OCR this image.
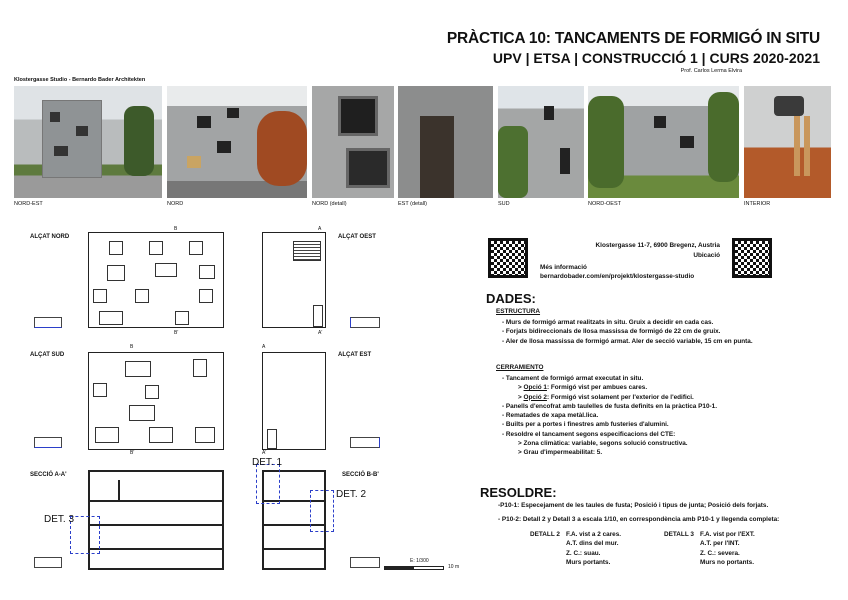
PRÀCTICA 10: TANCAMENTS DE FORMIGÓ IN SITU
UPV | ETSA | CONSTRUCCIÓ 1 | CURS 2020-2021
Prof. Carlos Lerma Elvira
Klostergasse Studio - Bernardo Bader Architekten
NORD-EST	NORD	NORD (detall)	EST (detall)	SUD	NORD-OEST	INTERIOR
ALÇAT NORD
B
B'
ALÇAT OEST
A
A'
ALÇAT SUD
B
B'
ALÇAT EST
A
A'
SECCIÓ A-A'
DET. 3
SECCIÓ B-B'
DET. 1
DET. 2
E: 1/300
10 m
Klostergasse 11-7, 6900 Bregenz, Austria
Ubicació
Més informació
bernardobader.com/en/projekt/klostergasse-studio
DADES:
ESTRUCTURA
- Murs de formigó armat realitzats in situ. Gruix a decidir en cada cas.
- Forjats bidireccionals de llosa massissa de formigó de 22 cm de gruix.
- Aler de llosa massissa de formigó armat. Aler de secció variable, 15 cm en punta.
CERRAMIENTO
- Tancament de formigó armat executat in situ.
> Opció 1: Formigó vist per ambues cares.
> Opció 2: Formigó vist solament per l'exterior de l'edifici.
- Panells d'encofrat amb taulelles de fusta definits en la pràctica P10-1.
- Rematades de xapa metàl.lica.
- Builts per a portes i finestres amb fusteries d'alumini.
- Resoldre el tancament segons especificacions del CTE:
> Zona climàtica: variable, segons solució constructiva.
> Grau d'impermeabilitat: 5.
RESOLDRE:
-P10-1: Especejament de les taules de fusta; Posició i tipus de junta; Posició dels forjats.
- P10-2: Detall 2 y Detall 3 a escala 1/10, en correspondència amb P10-1 y llegenda completa:
DETALL 2 F.A. vist a 2 cares.
A.T. dins del mur.
Z. C.: suau.
Murs portants.
DETALL 3 F.A. vist por l'EXT.
A.T. per l'INT.
Z. C.: severa.
Murs no portants.
